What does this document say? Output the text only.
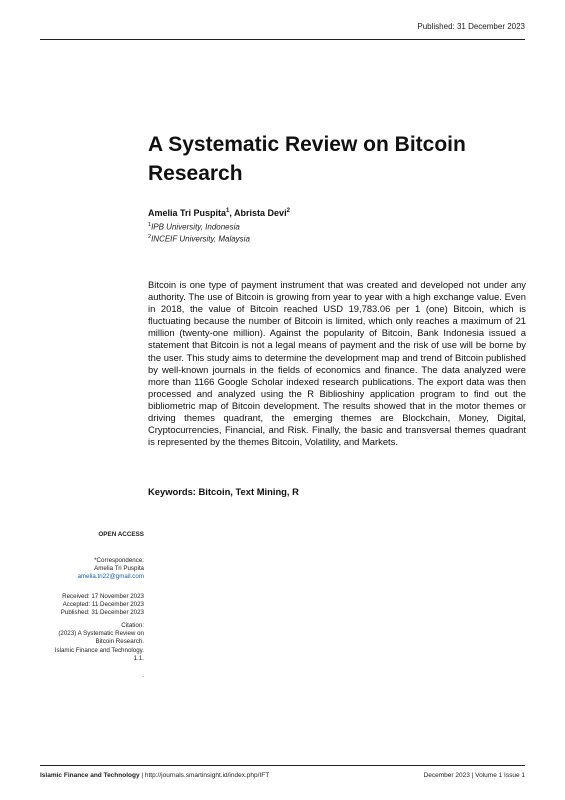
Published: 31 December 2023
A Systematic Review on Bitcoin Research
Amelia Tri Puspita$^1$, Abrista Devi$^2$
$^1$IPB University, Indonesia
$^2$INCEIF University, Malaysia

Bitcoin is one type of payment instrument that was created and developed not under any authority. The use of Bitcoin is growing from year to year with a high exchange value. Even in 2018, the value of Bitcoin reached USD 19,783.06 per 1 (one) Bitcoin, which is fluctuating because the number of Bitcoin is limited, which only reaches a maximum of 21 million (twenty-one million). Against the popularity of Bitcoin, Bank Indonesia issued a statement that Bitcoin is not a legal means of payment and the risk of use will be borne by the user. This study aims to determine the development map and trend of Bitcoin published by well-known journals in the fields of economics and finance. The data analyzed were more than 1166 Google Scholar indexed research publications. The export data was then processed and analyzed using the R Biblioshiny application program to find out the bibliometric map of Bitcoin development. The results showed that in the motor themes or driving themes quadrant, the emerging themes are Blockchain, Money, Digital, Cryptocurrencies, Financial, and Risk. Finally, the basic and transversal themes quadrant is represented by the themes Bitcoin, Volatility, and Markets.

Keywords: Bitcoin, Text Mining, R
OPEN ACCESS
*Correspondence:
Amelia Tri Puspita
amelia.tri22@gmail.com
Received: 17 November 2023
Accepted: 11 December 2023
Published: 31 December 2023
Citation:
(2023) A Systematic Review on
Bitcoin Research.
Islamic Finance and Technology.
1.1.
.
Islamic Finance and Technology | http://journals.smartinsight.id/index.php/IFT	December 2023 | Volume 1 Issue 1
